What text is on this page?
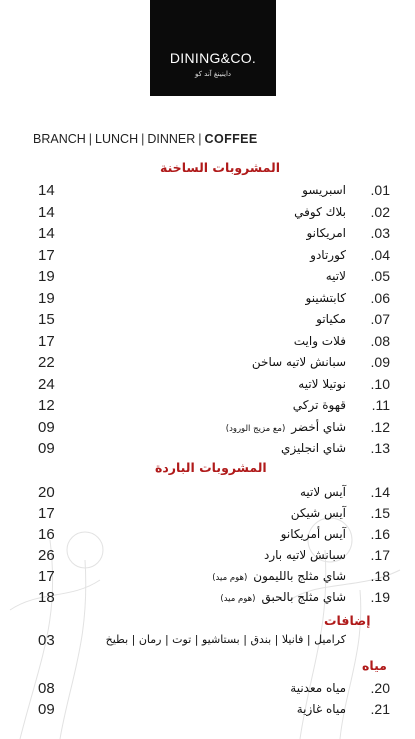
DINING&CO.
داينينغ آند كو
BRANCH | LUNCH | DINNER | COFFEE
المشروبات الساخنة
14	اسبريسو .01
14	بلاك كوفي .02
14	امريكانو .03
17	كورتادو .04
19	لاتيه .05
19	كابتشينو .06
15	مكياتو .07
17	فلات وايت .08
22	سبانش لاتيه ساخن .09
24	نوتيلا لاتيه .10
12	قهوة تركي .11
09	شاي أخضر(مع مزيج الورود)	.12
09	شاي انجليزي .13
المشروبات الباردة
20	آيس لاتيه .14
17	آيس شيكن .15
16	آيس أمريكانو .16
26	سبانش لاتيه بارد .17
17	شاي مثلج بالليمون(هوم ميد)	.18
18	شاي مثلج بالحبق(هوم ميد)	.19
إضافات
03	كراميل | فانيلا | بندق | بستاشيو | توت | رمان | بطيخ
مياه
08	مياه معدنية .20
09	مياه غازية .21
